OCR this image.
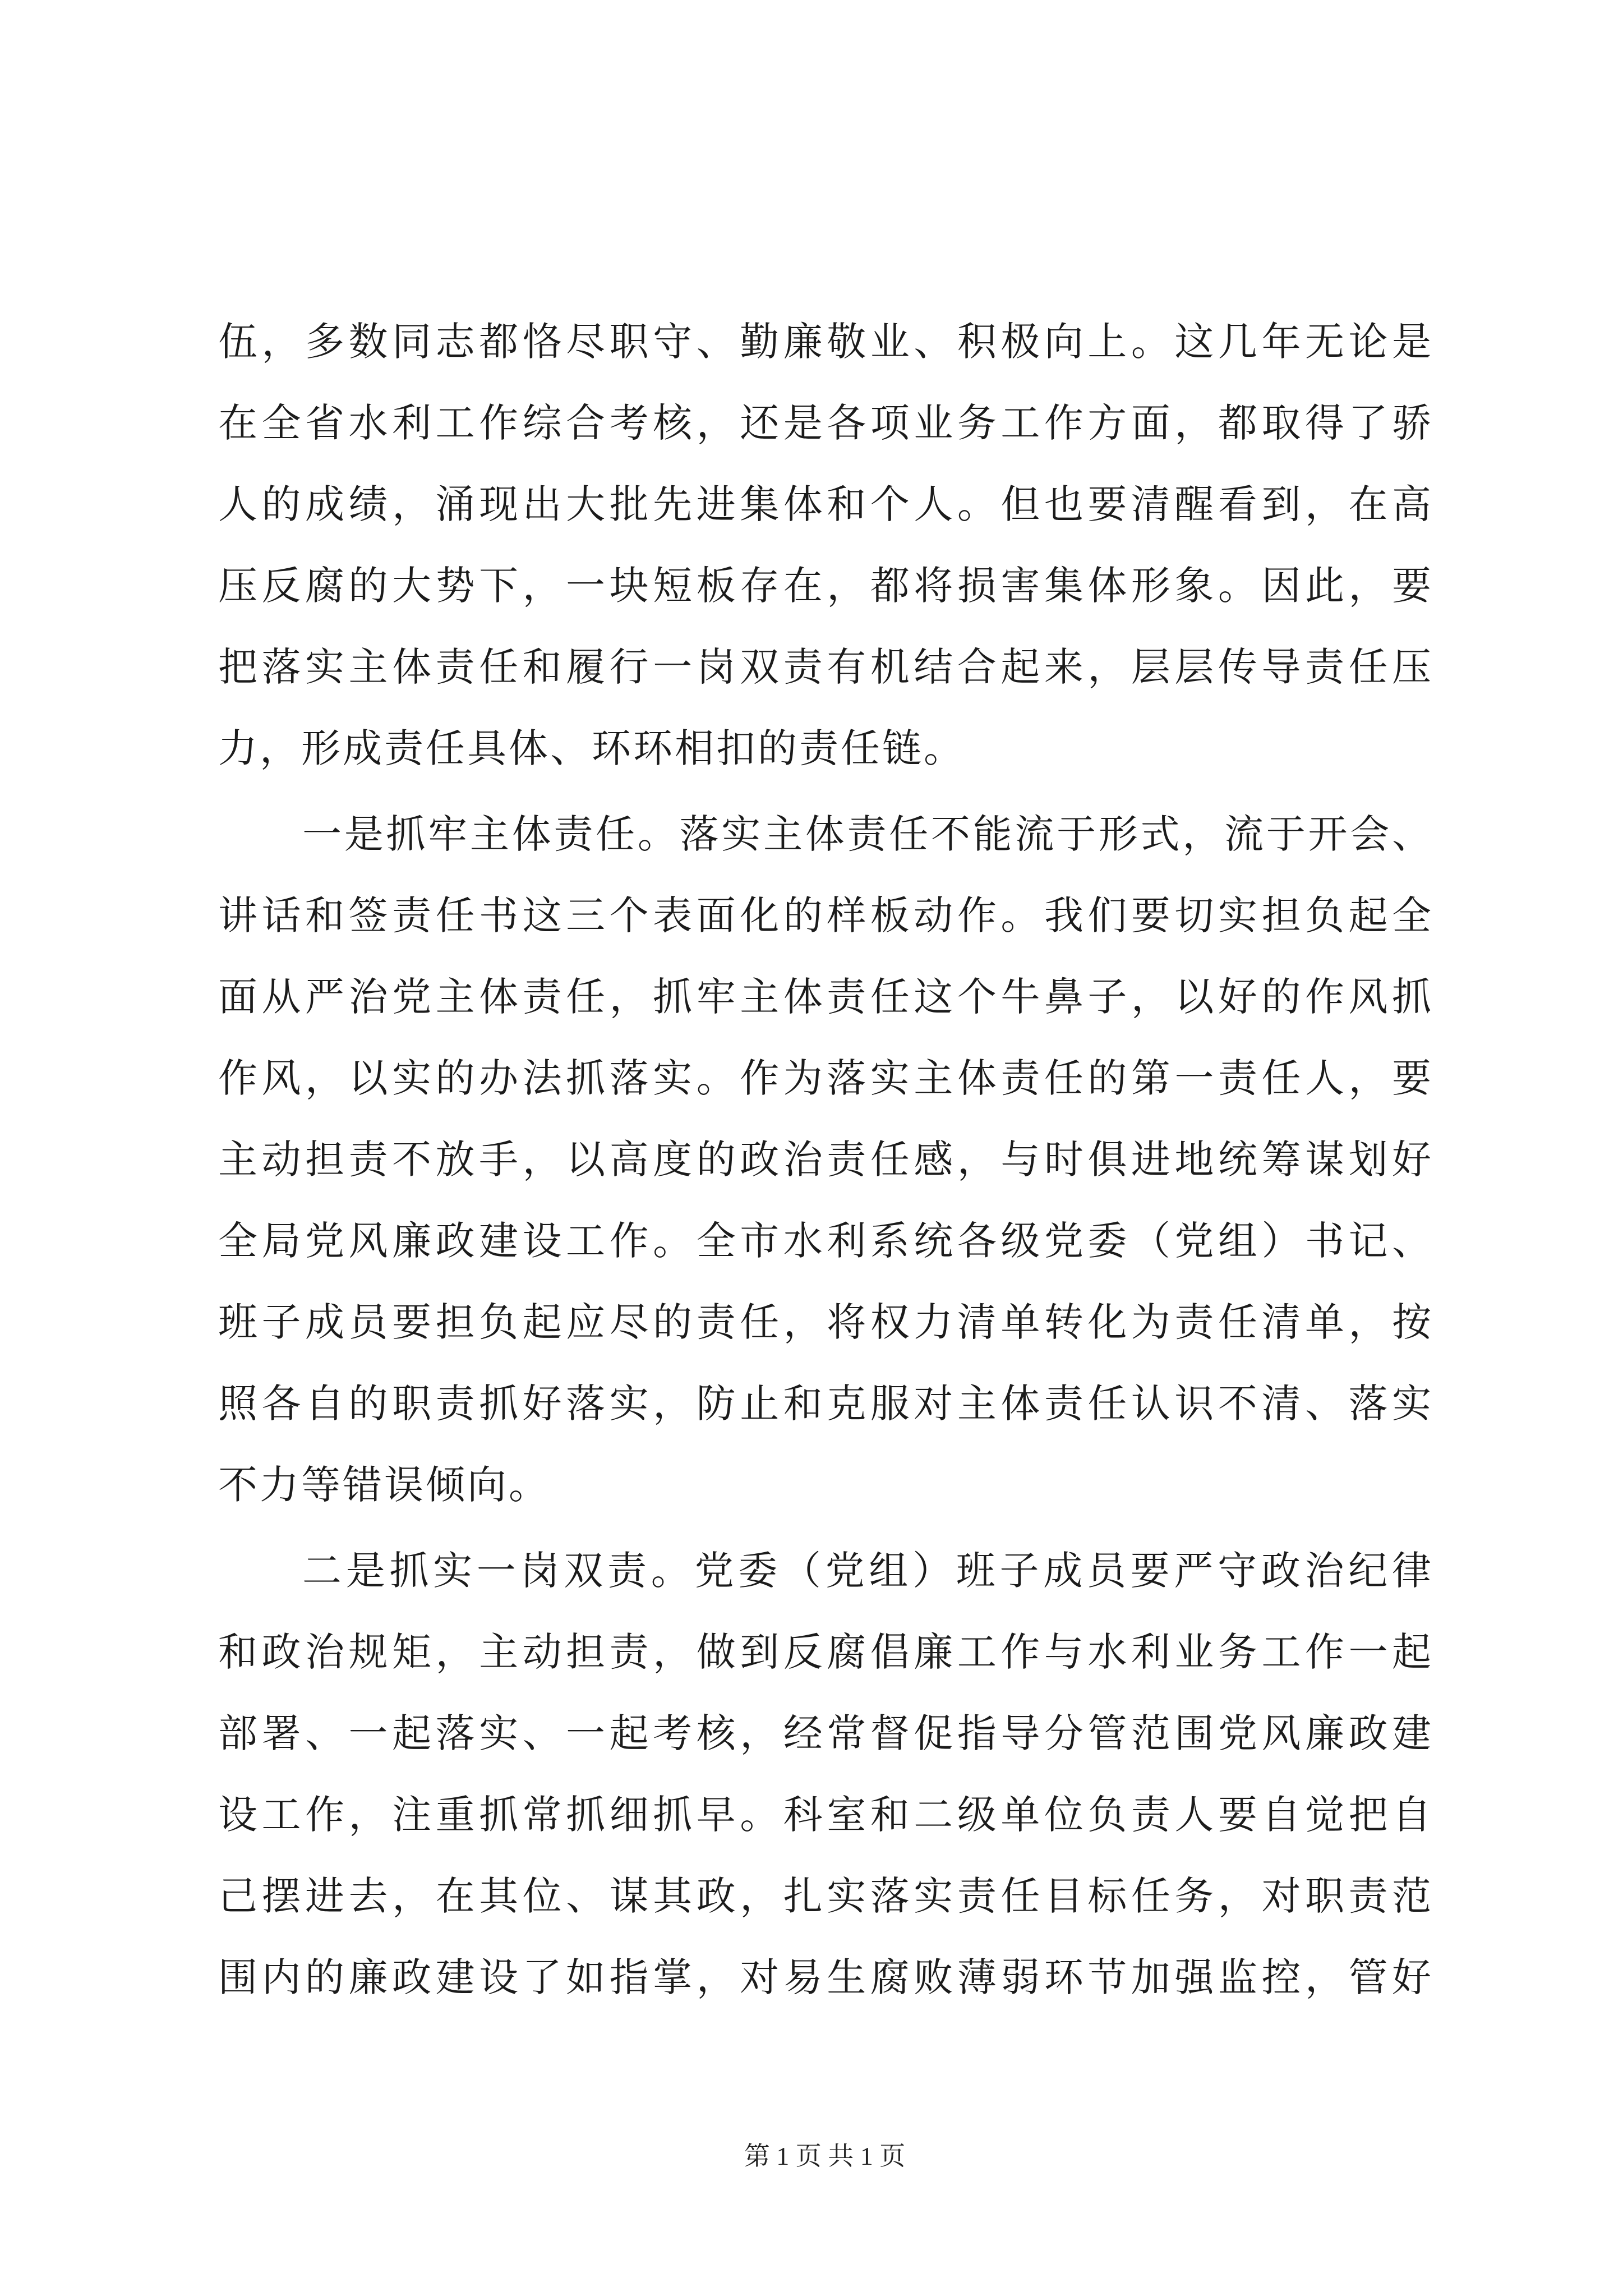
伍，多数同志都恪尽职守、勤廉敬业、积极向上。这几年无论是
在全省水利工作综合考核，还是各项业务工作方面，都取得了骄
人的成绩，涌现出大批先进集体和个人。但也要清醒看到，在高
压反腐的大势下，一块短板存在，都将损害集体形象。因此，要
把落实主体责任和履行一岗双责有机结合起来，层层传导责任压
力，形成责任具体、环环相扣的责任链。
一是抓牢主体责任。落实主体责任不能流于形式，流于开会、
讲话和签责任书这三个表面化的样板动作。我们要切实担负起全
面从严治党主体责任，抓牢主体责任这个牛鼻子，以好的作风抓
作风，以实的办法抓落实。作为落实主体责任的第一责任人，要
主动担责不放手，以高度的政治责任感，与时俱进地统筹谋划好
全局党风廉政建设工作。全市水利系统各级党委（党组）书记、
班子成员要担负起应尽的责任，将权力清单转化为责任清单，按
照各自的职责抓好落实，防止和克服对主体责任认识不清、落实
不力等错误倾向。
二是抓实一岗双责。党委（党组）班子成员要严守政治纪律
和政治规矩，主动担责，做到反腐倡廉工作与水利业务工作一起
部署、一起落实、一起考核，经常督促指导分管范围党风廉政建
设工作，注重抓常抓细抓早。科室和二级单位负责人要自觉把自
己摆进去，在其位、谋其政，扎实落实责任目标任务，对职责范
围内的廉政建设了如指掌，对易生腐败薄弱环节加强监控，管好
第 1 页 共 1 页
